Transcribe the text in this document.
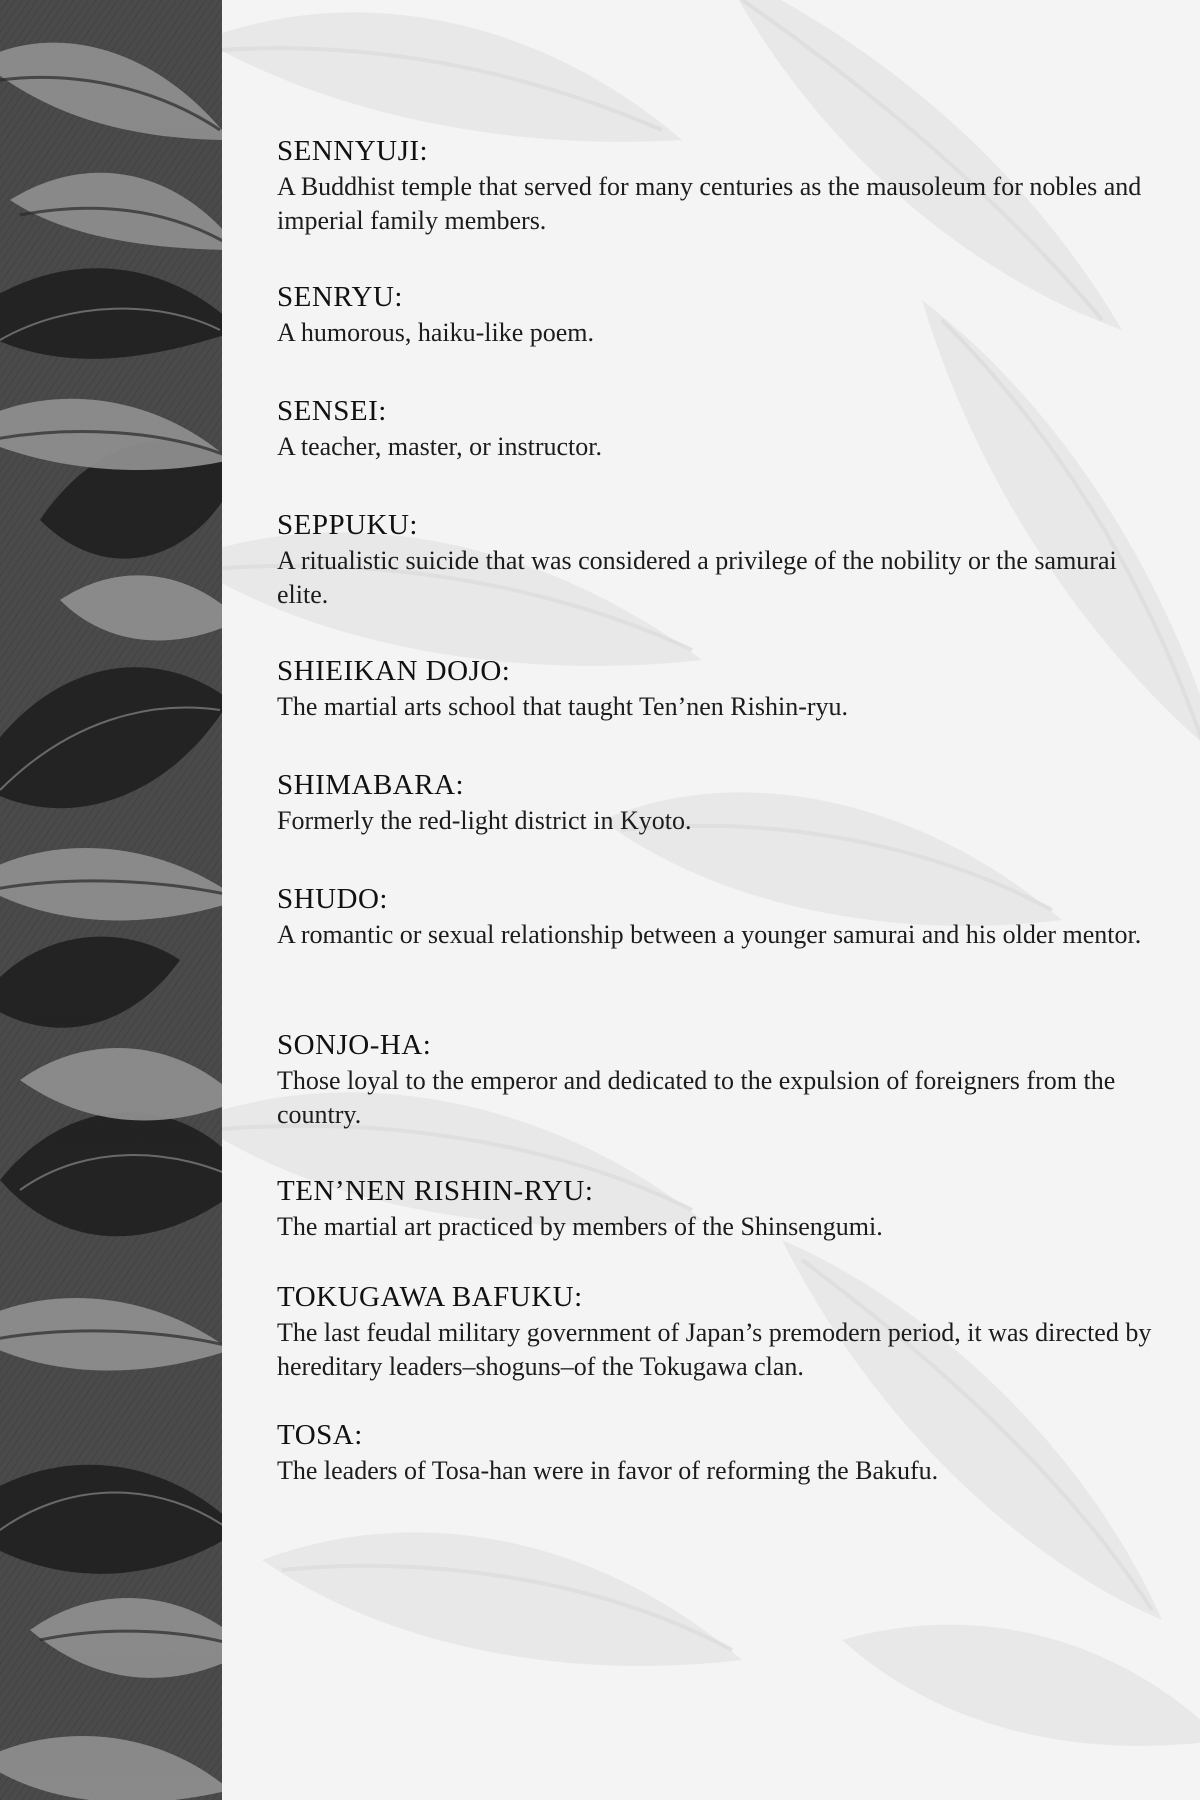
SENNYUJI:

A Buddhist temple that served for many centuries as the mausoleum for nobles and imperial family members.

SENRYU:

A humorous, haiku-like poem.

SENSEI:

A teacher, master, or instructor.

SEPPUKU:

A ritualistic suicide that was considered a privilege of the nobility or the samurai elite.

SHIEIKAN DOJO:

The martial arts school that taught Ten’nen Rishin-ryu.

SHIMABARA:

Formerly the red-light district in Kyoto.

SHUDO:

A romantic or sexual relationship between a younger samurai and his older mentor.

SONJO-HA:

Those loyal to the emperor and dedicated to the expulsion of foreigners from the country.

TEN’NEN RISHIN-RYU:

The martial art practiced by members of the Shinsengumi.

TOKUGAWA BAFUKU:

The last feudal military government of Japan’s premodern period, it was directed by hereditary leaders–shoguns–of the Tokugawa clan.

TOSA:

The leaders of Tosa-han were in favor of reforming the Bakufu.
